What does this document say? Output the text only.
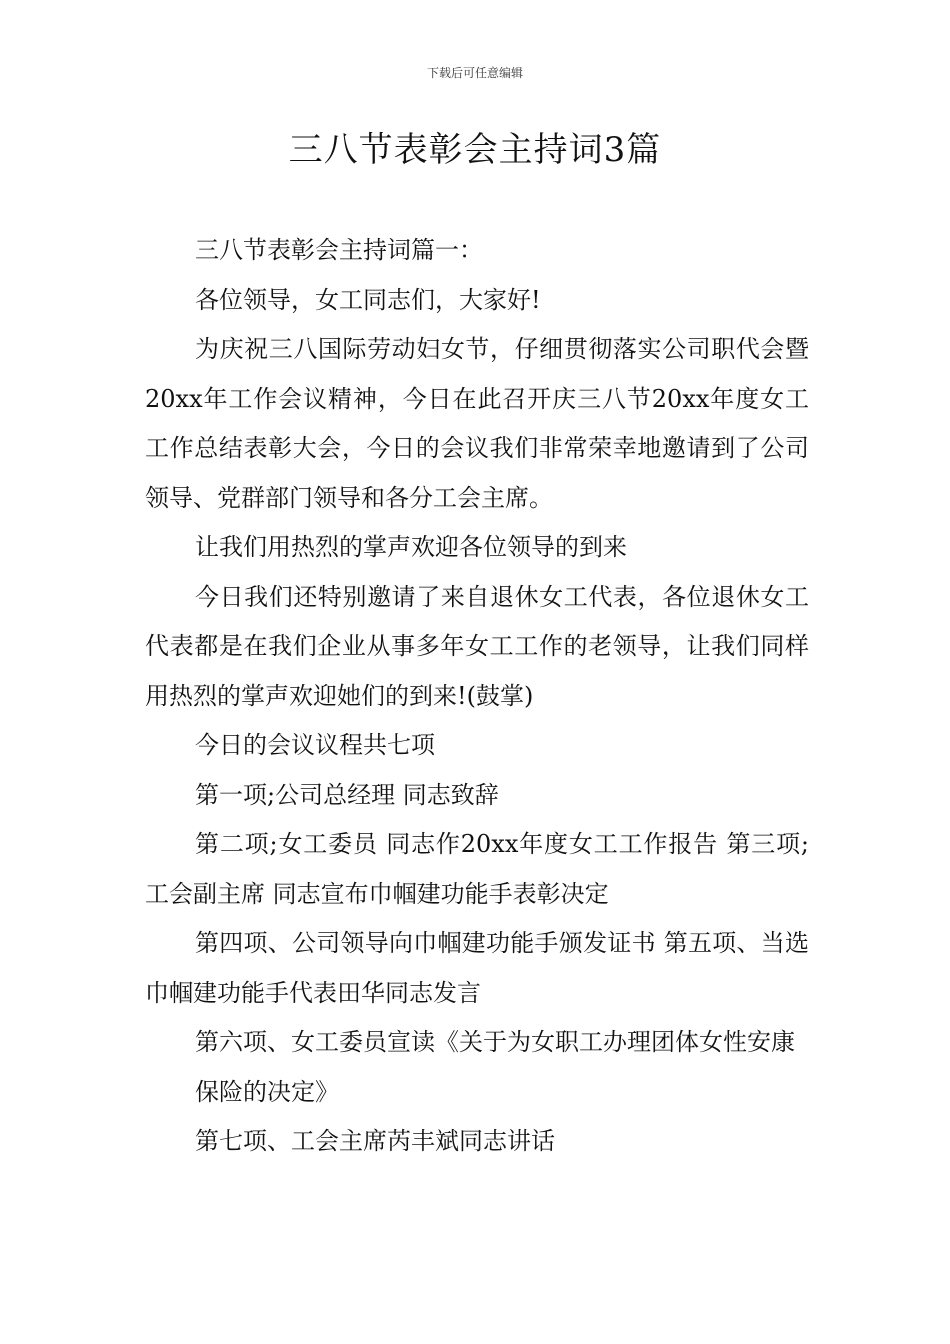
下载后可任意编辑
三八节表彰会主持词3篇

三八节表彰会主持词篇一：

各位领导，女工同志们，大家好!

为庆祝三八国际劳动妇女节，仔细贯彻落实公司职代会暨20xx年工作会议精神，今日在此召开庆三八节20xx年度女工工作总结表彰大会，今日的会议我们非常荣幸地邀请到了公司领导、党群部门领导和各分工会主席。

让我们用热烈的掌声欢迎各位领导的到来

今日我们还特别邀请了来自退休女工代表，各位退休女工代表都是在我们企业从事多年女工工作的老领导，让我们同样用热烈的掌声欢迎她们的到来!(鼓掌)

今日的会议议程共七项

第一项;公司总经理 同志致辞

第二项;女工委员 同志作20xx年度女工工作报告 第三项;工会副主席 同志宣布巾帼建功能手表彰决定

第四项、公司领导向巾帼建功能手颁发证书 第五项、当选巾帼建功能手代表田华同志发言

第六项、女工委员宣读《关于为女职工办理团体女性安康

保险的决定》

第七项、工会主席芮丰斌同志讲话
